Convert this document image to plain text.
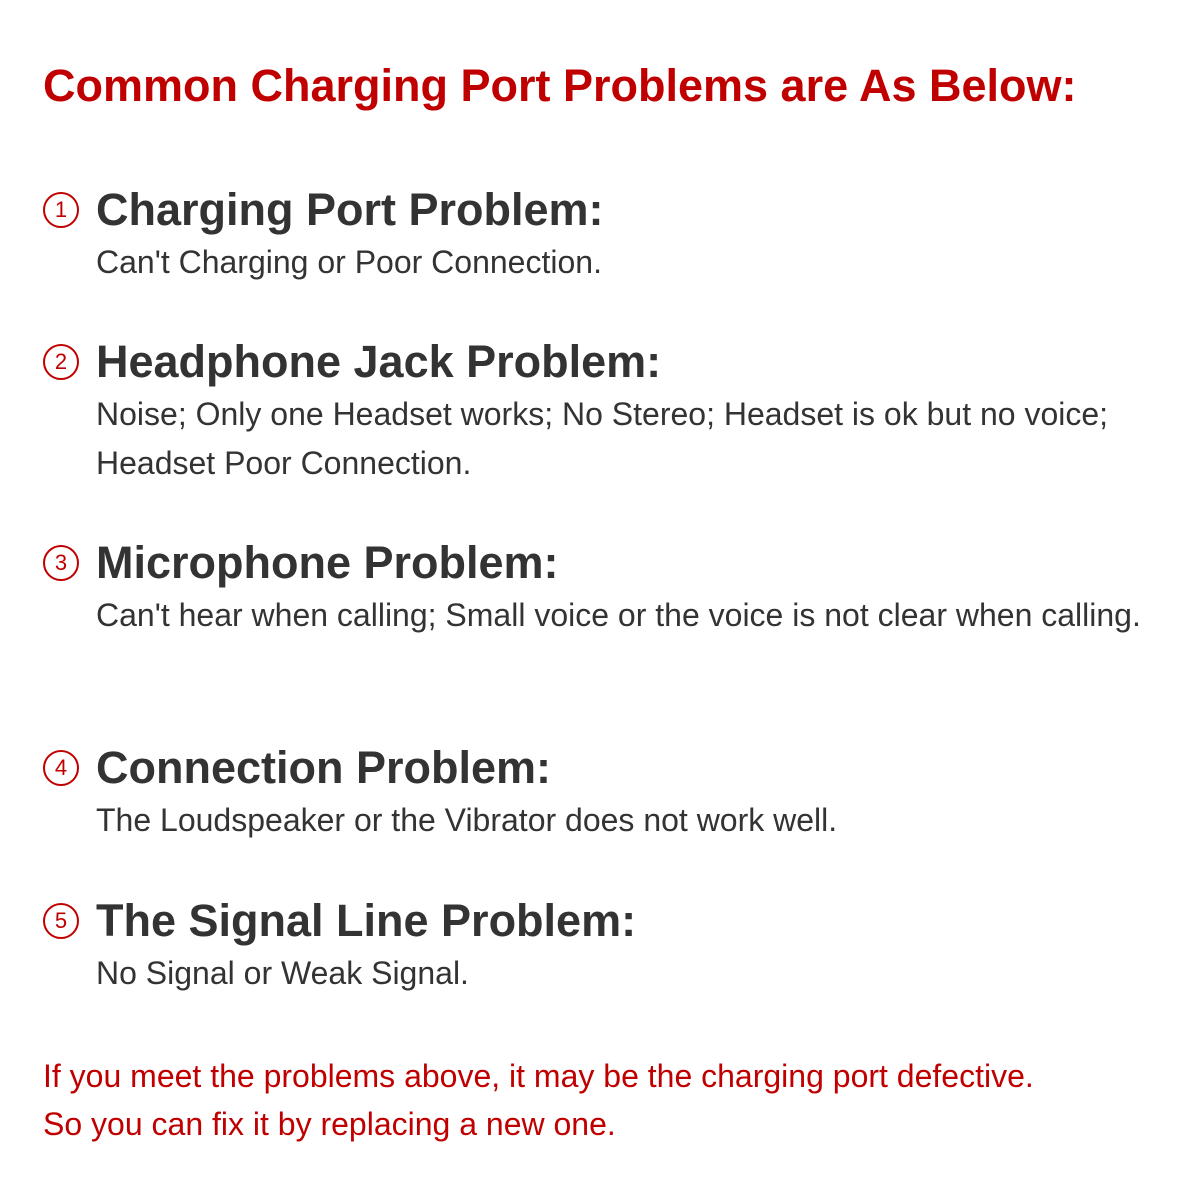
Common Charging Port Problems are As Below:
1 Charging Port Problem:

Can't Charging or Poor Connection.

2 Headphone Jack Problem:

Noise; Only one Headset works; No Stereo; Headset is ok but no voice; Headset Poor Connection.

3 Microphone Problem:

Can't hear when calling; Small voice or the voice is not clear when calling.

4 Connection Problem:

The Loudspeaker or the Vibrator does not work well.

5 The Signal Line Problem:

No Signal or Weak Signal.

If you meet the problems above, it may be the charging port defective.
So you can fix it by replacing a new one.
